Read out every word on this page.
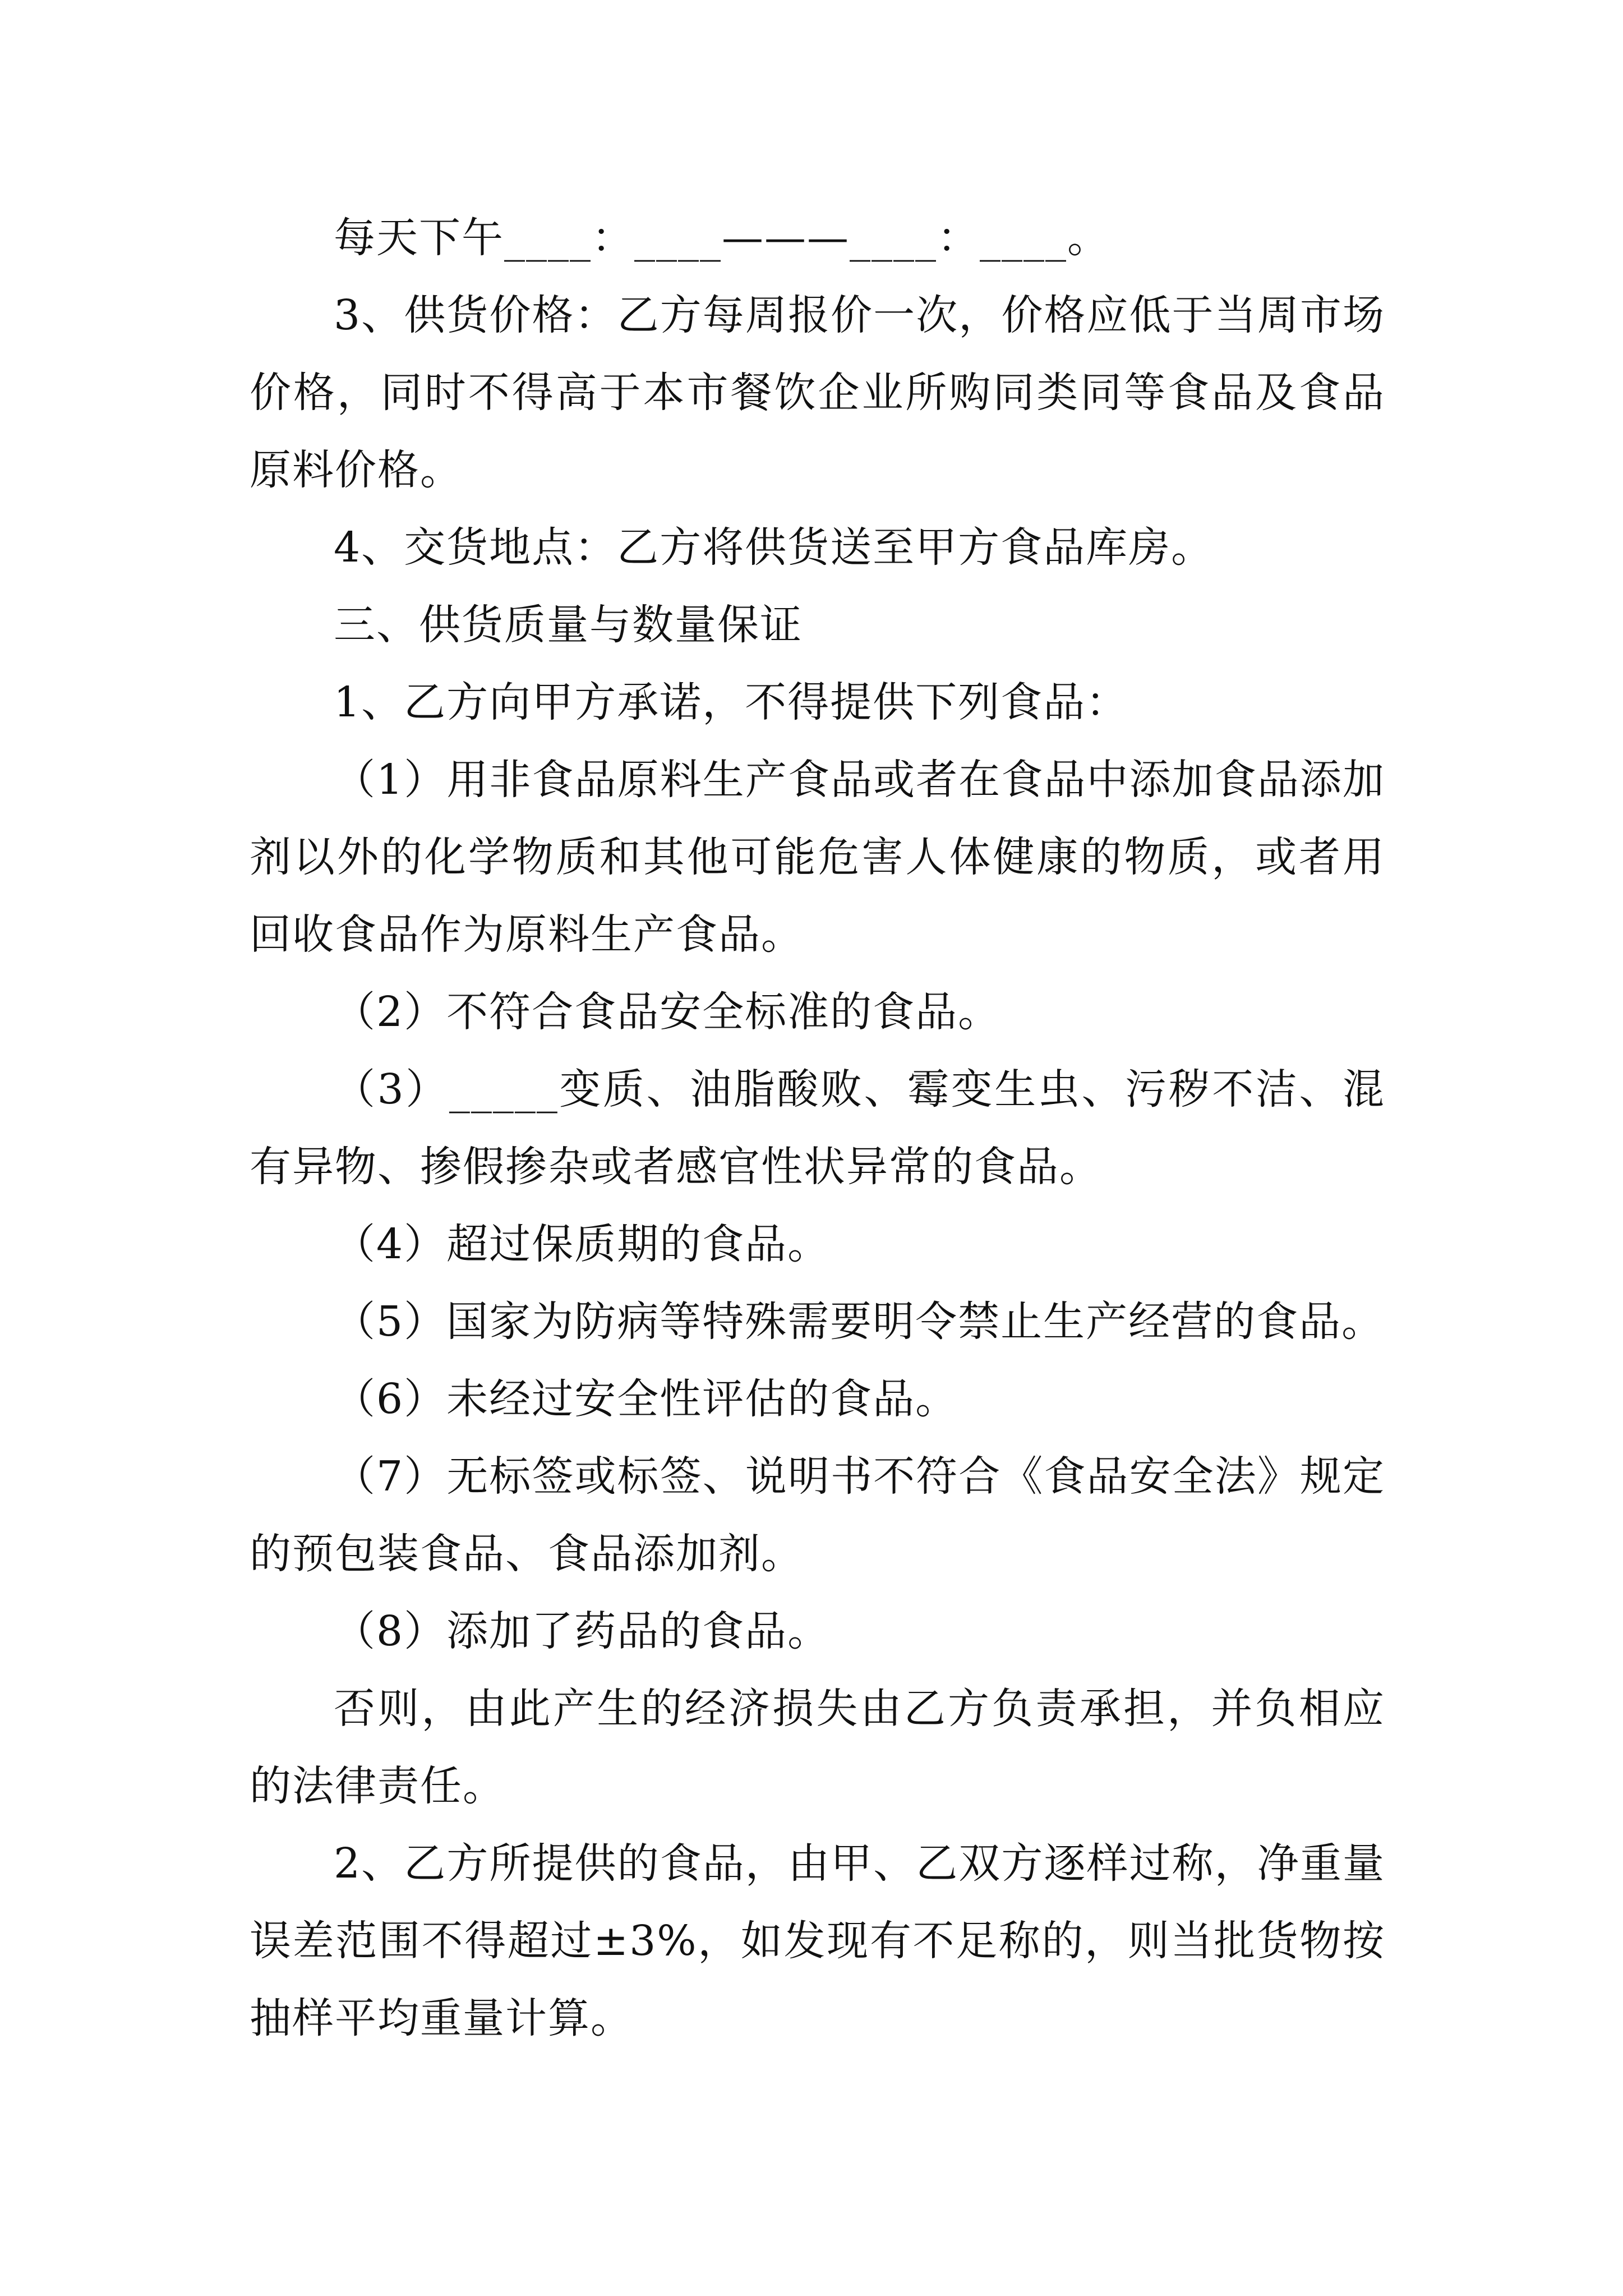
每天下午____：____———____：____。

3、供货价格：乙方每周报价一次，价格应低于当周市场价格，同时不得高于本市餐饮企业所购同类同等食品及食品原料价格。

4、交货地点：乙方将供货送至甲方食品库房。

三、供货质量与数量保证

1、乙方向甲方承诺，不得提供下列食品：

（1）用非食品原料生产食品或者在食品中添加食品添加剂以外的化学物质和其他可能危害人体健康的物质，或者用回收食品作为原料生产食品。

（2）不符合食品安全标准的食品。

（3）_____变质、油脂酸败、霉变生虫、污秽不洁、混有异物、掺假掺杂或者感官性状异常的食品。

（4）超过保质期的食品。

（5）国家为防病等特殊需要明令禁止生产经营的食品。

（6）未经过安全性评估的食品。

（7）无标签或标签、说明书不符合《食品安全法》规定的预包装食品、食品添加剂。

（8）添加了药品的食品。

否则，由此产生的经济损失由乙方负责承担，并负相应的法律责任。

2、乙方所提供的食品，由甲、乙双方逐样过称，净重量误差范围不得超过±3%，如发现有不足称的，则当批货物按抽样平均重量计算。
